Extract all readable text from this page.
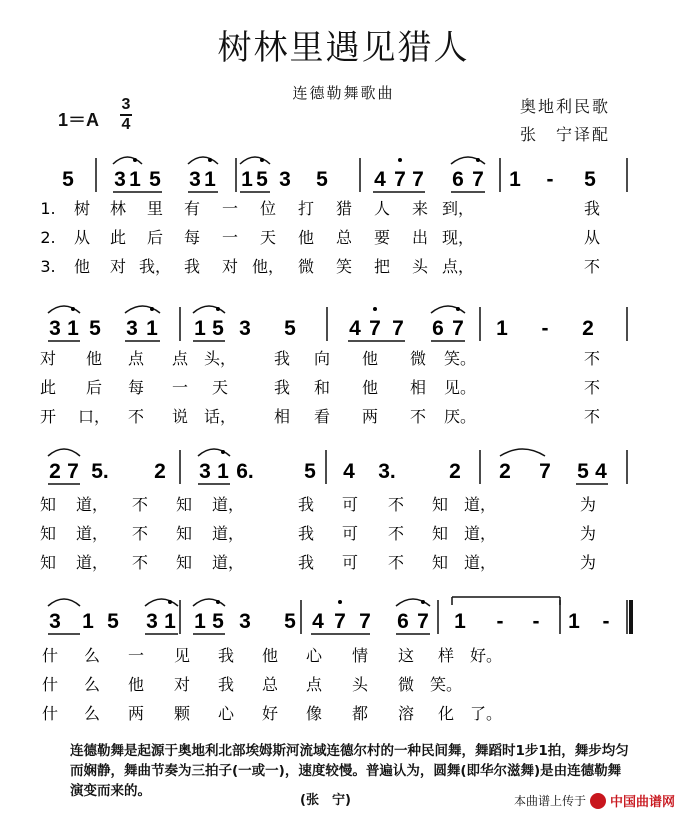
树林里遇见猎人
连德勒舞歌曲
1＝A
3
4
奥地利民歌
张　宁译配
5 3 1 5 3 1 1 5 3 5 4 7 7 6 7 1 - 5
1. 树 林 里 有 一 位 打 猎 人 来 到，	我
2. 从 此 后 每 一 天 他 总 要 出 现，	从
3. 他 对 我， 我 对 他， 微 笑 把 头 点，	不
3 1 5 3 1 1 5 3 5	4 7 7 6 7 1 - 2
对 他 点 点 头， 我 向 他 微 笑。	不
此 后 每 一 天	我 和 他 相 见。	不
开 口， 不 说 话， 相 看 两 不 厌。	不
2 7 5. 2 3 1 6. 5 4 3.	2 2 7 5 4
知 道， 不 知 道，	我 可 不 知 道，	为
知 道， 不 知 道，	我 可 不 知 道，	为
知 道， 不 知 道，	我 可 不 知 道，	为
3 1 5 3 1 1 5 3 5 4 7 7 6 7 1 - - 1 -
什 么 一 见 我 他 心 情 这 样 好。
什 么 他 对 我 总 点 头 微 笑。
什 么 两 颗 心 好 像 都 溶 化 了。
连德勒舞是起源于奥地利北部埃姆斯河流域连德尔村的一种民间舞，舞蹈时1步1拍，舞步均匀而娴静，舞曲节奏为三拍子(一或一)，速度较慢。普遍认为，圆舞(即华尔滋舞)是由连德勒舞演变而来的。
(张　宁)	本曲谱上传于 中国曲谱网
